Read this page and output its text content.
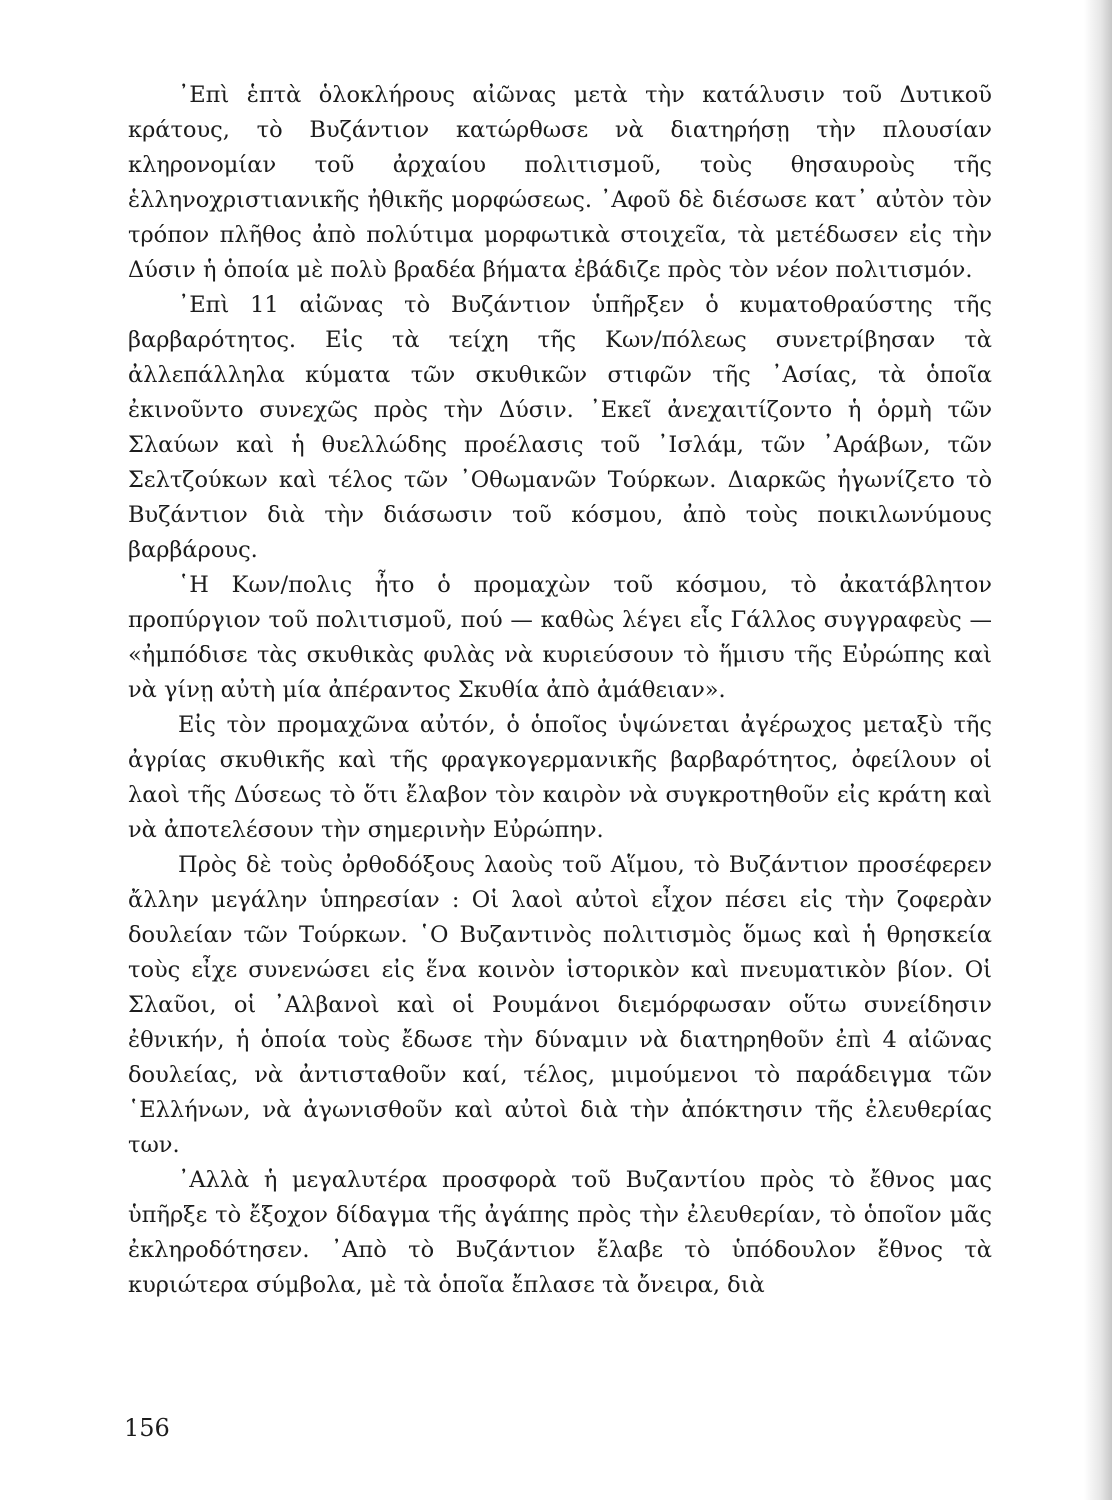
᾿Επὶ ἑπτὰ ὁλοκλήρους αἰῶνας μετὰ τὴν κατάλυσιν τοῦ Δυτικοῦ κράτους, τὸ Βυζάντιον κατώρθωσε νὰ διατηρήσῃ τὴν πλουσίαν κληρονομίαν τοῦ ἀρχαίου πολιτισμοῦ, τοὺς θησαυροὺς τῆς ἑλληνοχριστιανικῆς ἠθικῆς μορφώσεως. ᾿Αφοῦ δὲ διέσωσε κατ᾿ αὐτὸν τὸν τρόπον πλῆθος ἀπὸ πολύτιμα μορφωτικὰ στοιχεῖα, τὰ μετέδωσεν εἰς τὴν Δύσιν ἡ ὁποία μὲ πολὺ βραδέα βήματα ἐβάδιζε πρὸς τὸν νέον πολιτισμόν.

᾿Επὶ 11 αἰῶνας τὸ Βυζάντιον ὑπῆρξεν ὁ κυματοθραύστης τῆς βαρβαρότητος. Εἰς τὰ τείχη τῆς Κων/πόλεως συνετρίβησαν τὰ ἀλλεπάλληλα κύματα τῶν σκυθικῶν στιφῶν τῆς ᾿Ασίας, τὰ ὁποῖα ἐκινοῦντο συνεχῶς πρὸς τὴν Δύσιν. ᾿Εκεῖ ἀνεχαιτίζοντο ἡ ὁρμὴ τῶν Σλαύων καὶ ἡ θυελλώδης προέλασις τοῦ ᾿Ισλάμ, τῶν ᾿Αράβων, τῶν Σελτζούκων καὶ τέλος τῶν ᾿Οθωμανῶν Τούρκων. Διαρκῶς ἠγωνίζετο τὸ Βυζάντιον διὰ τὴν διάσωσιν τοῦ κόσμου, ἀπὸ τοὺς ποικιλωνύμους βαρβάρους.

῾Η Κων/πολις ἦτο ὁ προμαχὼν τοῦ κόσμου, τὸ ἀκατάβλητον προπύργιον τοῦ πολιτισμοῦ, πού — καθὼς λέγει εἷς Γάλλος συγγραφεὺς — «ἠμπόδισε τὰς σκυθικὰς φυλὰς νὰ κυριεύσουν τὸ ἥμισυ τῆς Εὐρώπης καὶ νὰ γίνῃ αὐτὴ μία ἀπέραντος Σκυθία ἀπὸ ἀμάθειαν».

Εἰς τὸν προμαχῶνα αὐτόν, ὁ ὁποῖος ὑψώνεται ἀγέρωχος μεταξὺ τῆς ἀγρίας σκυθικῆς καὶ τῆς φραγκογερμανικῆς βαρβαρότητος, ὀφείλουν οἱ λαοὶ τῆς Δύσεως τὸ ὅτι ἔλαβον τὸν καιρὸν νὰ συγκροτηθοῦν εἰς κράτη καὶ νὰ ἀποτελέσουν τὴν σημερινὴν Εὐρώπην.

Πρὸς δὲ τοὺς ὀρθοδόξους λαοὺς τοῦ Αἵμου, τὸ Βυζάντιον προσέφερεν ἄλλην μεγάλην ὑπηρεσίαν : Οἱ λαοὶ αὐτοὶ εἶχον πέσει εἰς τὴν ζοφερὰν δουλείαν τῶν Τούρκων. ῾Ο Βυζαντινὸς πολιτισμὸς ὅμως καὶ ἡ θρησκεία τοὺς εἶχε συνενώσει εἰς ἕνα κοινὸν ἱστορικὸν καὶ πνευματικὸν βίον. Οἱ Σλαῦοι, οἱ ᾿Αλβανοὶ καὶ οἱ Ρουμάνοι διεμόρφωσαν οὕτω συνείδησιν ἐθνικήν, ἡ ὁποία τοὺς ἔδωσε τὴν δύναμιν νὰ διατηρηθοῦν ἐπὶ 4 αἰῶνας δουλείας, νὰ ἀντισταθοῦν καί, τέλος, μιμούμενοι τὸ παράδειγμα τῶν ῾Ελλήνων, νὰ ἀγωνισθοῦν καὶ αὐτοὶ διὰ τὴν ἀπόκτησιν τῆς ἐλευθερίας των.

᾿Αλλὰ ἡ μεγαλυτέρα προσφορὰ τοῦ Βυζαντίου πρὸς τὸ ἔθνος μας ὑπῆρξε τὸ ἔξοχον δίδαγμα τῆς ἀγάπης πρὸς τὴν ἐλευθερίαν, τὸ ὁποῖον μᾶς ἐκληροδότησεν. ᾿Απὸ τὸ Βυζάντιον ἔλαβε τὸ ὑπόδουλον ἔθνος τὰ κυριώτερα σύμβολα, μὲ τὰ ὁποῖα ἔπλασε τὰ ὄνειρα, διὰ

156
